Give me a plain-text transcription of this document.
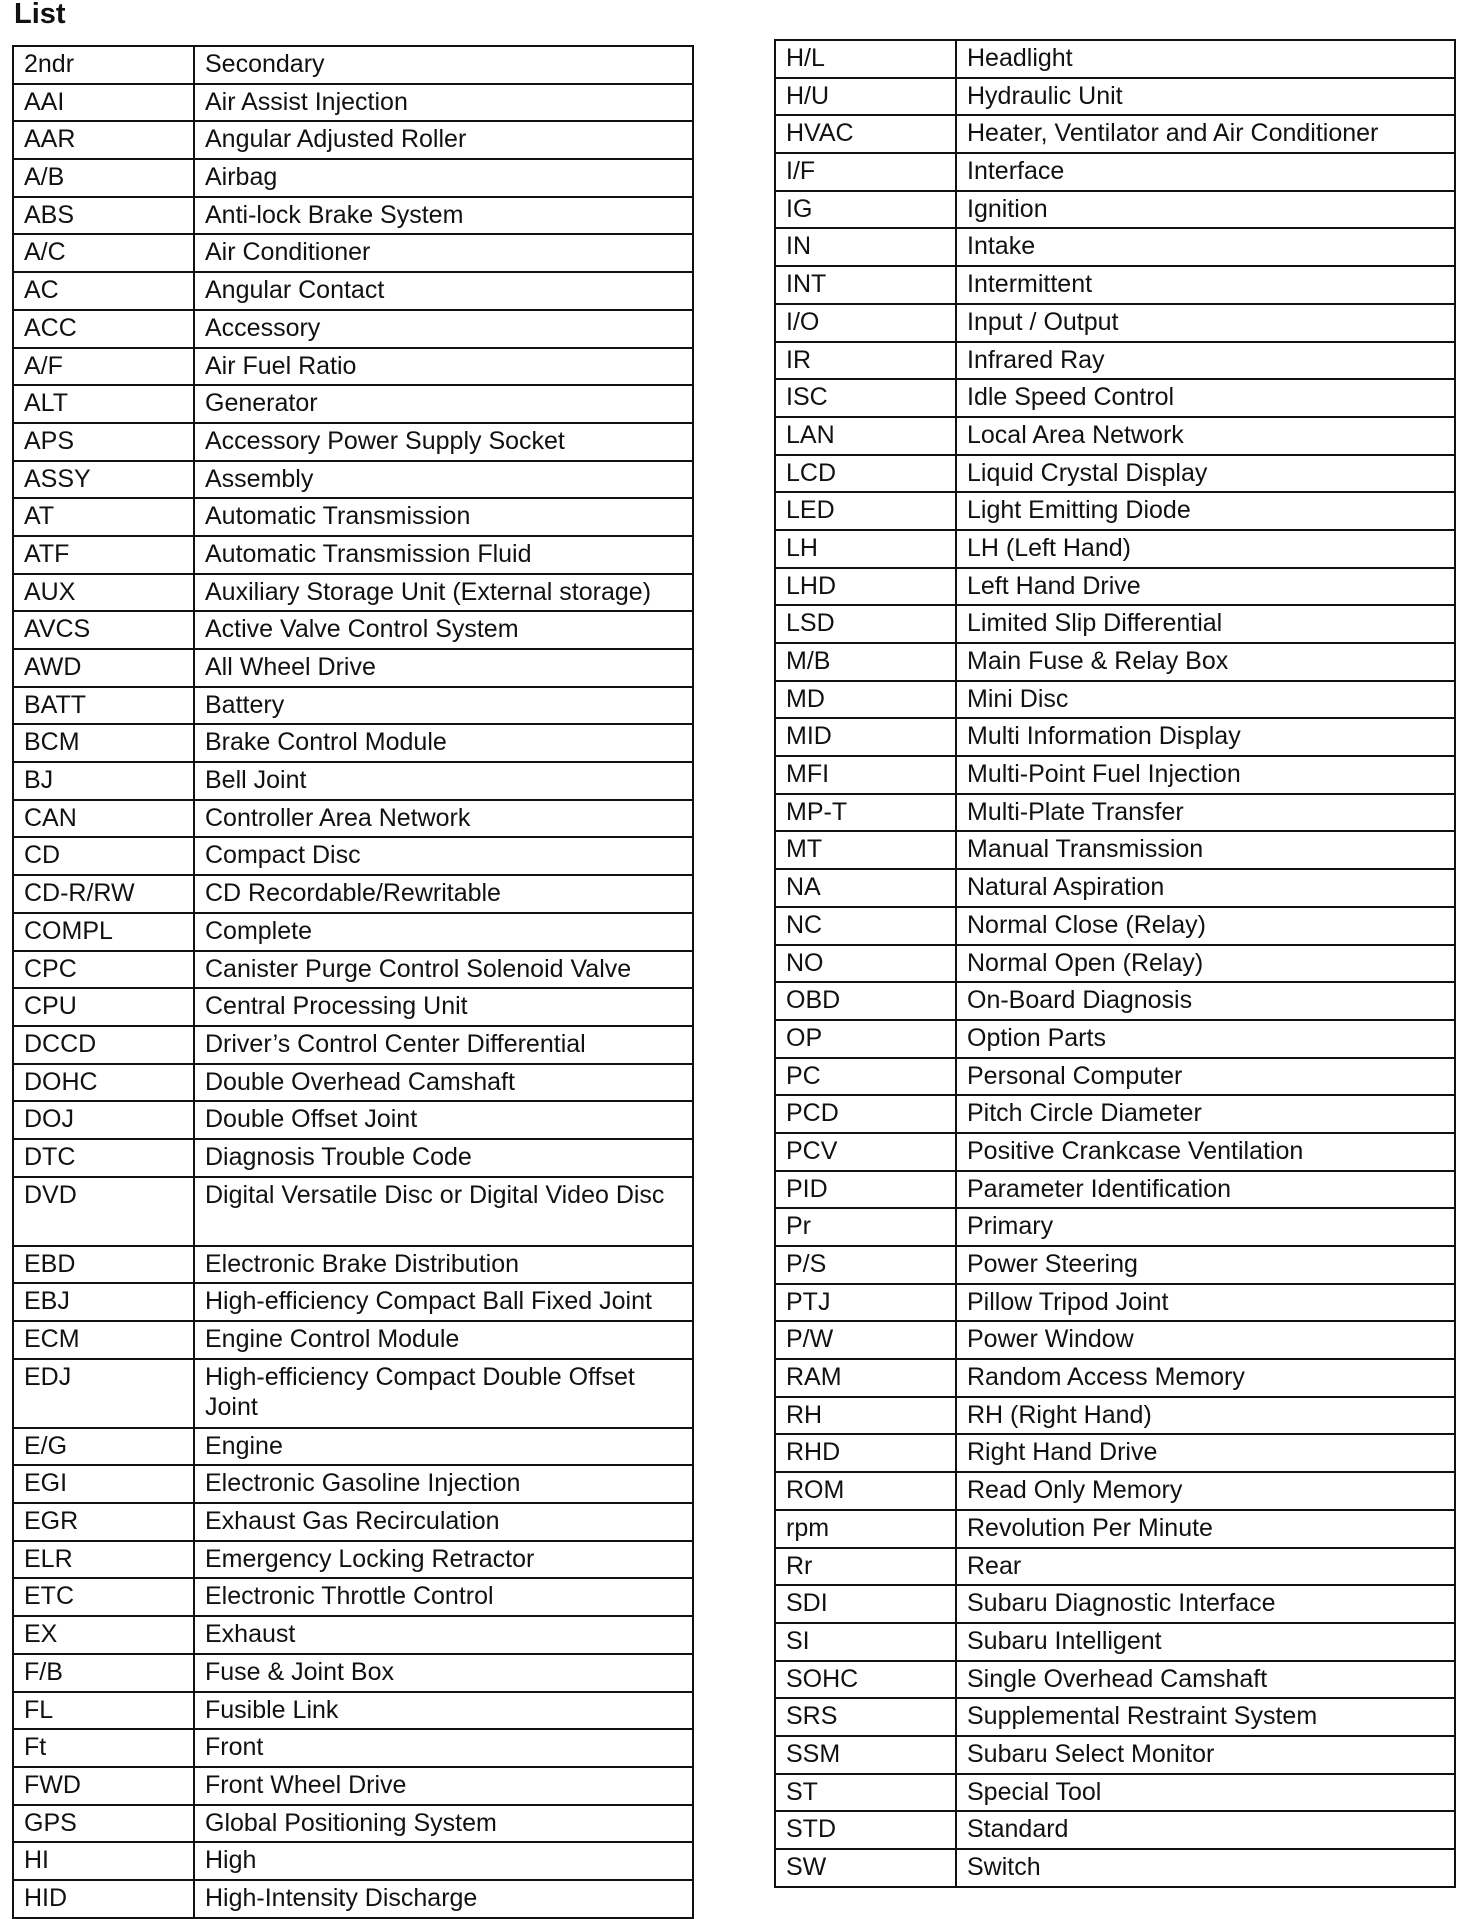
List
2ndr	Secondary
AAI	Air Assist Injection
AAR	Angular Adjusted Roller
A/B	Airbag
ABS	Anti-lock Brake System
A/C	Air Conditioner
AC	Angular Contact
ACC	Accessory
A/F	Air Fuel Ratio
ALT	Generator
APS	Accessory Power Supply Socket
ASSY	Assembly
AT	Automatic Transmission
ATF	Automatic Transmission Fluid
AUX	Auxiliary Storage Unit (External storage)
AVCS	Active Valve Control System
AWD	All Wheel Drive
BATT	Battery
BCM	Brake Control Module
BJ	Bell Joint
CAN	Controller Area Network
CD	Compact Disc
CD-R/RW	CD Recordable/Rewritable
COMPL	Complete
CPC	Canister Purge Control Solenoid Valve
CPU	Central Processing Unit
DCCD	Driver’s Control Center Differential
DOHC	Double Overhead Camshaft
DOJ	Double Offset Joint
DTC	Diagnosis Trouble Code
DVD	Digital Versatile Disc or Digital Video Disc
EBD	Electronic Brake Distribution
EBJ	High-efficiency Compact Ball Fixed Joint
ECM	Engine Control Module
EDJ	High-efficiency Compact Double Offset Joint
E/G	Engine
EGI	Electronic Gasoline Injection
EGR	Exhaust Gas Recirculation
ELR	Emergency Locking Retractor
ETC	Electronic Throttle Control
EX	Exhaust
F/B	Fuse & Joint Box
FL	Fusible Link
Ft	Front
FWD	Front Wheel Drive
GPS	Global Positioning System
HI	High
HID	High-Intensity Discharge
H/L	Headlight
H/U	Hydraulic Unit
HVAC	Heater, Ventilator and Air Conditioner
I/F	Interface
IG	Ignition
IN	Intake
INT	Intermittent
I/O	Input / Output
IR	Infrared Ray
ISC	Idle Speed Control
LAN	Local Area Network
LCD	Liquid Crystal Display
LED	Light Emitting Diode
LH	LH (Left Hand)
LHD	Left Hand Drive
LSD	Limited Slip Differential
M/B	Main Fuse & Relay Box
MD	Mini Disc
MID	Multi Information Display
MFI	Multi-Point Fuel Injection
MP-T	Multi-Plate Transfer
MT	Manual Transmission
NA	Natural Aspiration
NC	Normal Close (Relay)
NO	Normal Open (Relay)
OBD	On-Board Diagnosis
OP	Option Parts
PC	Personal Computer
PCD	Pitch Circle Diameter
PCV	Positive Crankcase Ventilation
PID	Parameter Identification
Pr	Primary
P/S	Power Steering
PTJ	Pillow Tripod Joint
P/W	Power Window
RAM	Random Access Memory
RH	RH (Right Hand)
RHD	Right Hand Drive
ROM	Read Only Memory
rpm	Revolution Per Minute
Rr	Rear
SDI	Subaru Diagnostic Interface
SI	Subaru Intelligent
SOHC	Single Overhead Camshaft
SRS	Supplemental Restraint System
SSM	Subaru Select Monitor
ST	Special Tool
STD	Standard
SW	Switch
